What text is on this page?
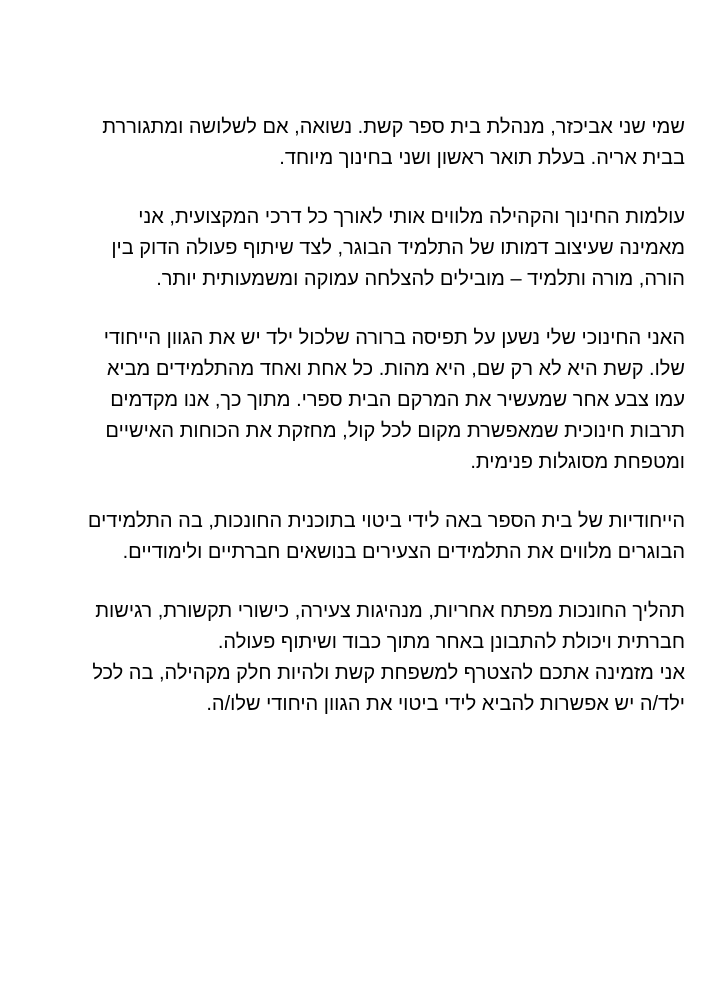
שמי שני אביכזר, מנהלת בית ספר קשת. נשואה, אם לשלושה ומתגוררת
בבית אריה. בעלת תואר ראשון ושני בחינוך מיוחד.
עולמות החינוך והקהילה מלווים אותי לאורך כל דרכי המקצועית, אני
מאמינה שעיצוב דמותו של התלמיד הבוגר, לצד שיתוף פעולה הדוק בין
הורה, מורה ותלמיד – מובילים להצלחה עמוקה ומשמעותית יותר.
האני החינוכי שלי נשען על תפיסה ברורה שלכול ילד יש את הגוון הייחודי
שלו. קשת היא לא רק שם, היא מהות. כל אחת ואחד מהתלמידים מביא
עמו צבע אחר שמעשיר את המרקם הבית ספרי. מתוך כך, אנו מקדמים
תרבות חינוכית שמאפשרת מקום לכל קול, מחזקת את הכוחות האישיים
ומטפחת מסוגלות פנימית.
הייחודיות של בית הספר באה לידי ביטוי בתוכנית החונכות, בה התלמידים
הבוגרים מלווים את התלמידים הצעירים בנושאים חברתיים ולימודיים.
תהליך החונכות מפתח אחריות, מנהיגות צעירה, כישורי תקשורת, רגישות
חברתית ויכולת להתבונן באחר מתוך כבוד ושיתוף פעולה.
אני מזמינה אתכם להצטרף למשפחת קשת ולהיות חלק מקהילה, בה לכל
ילד/ה יש אפשרות להביא לידי ביטוי את הגוון היחודי שלו/ה.
